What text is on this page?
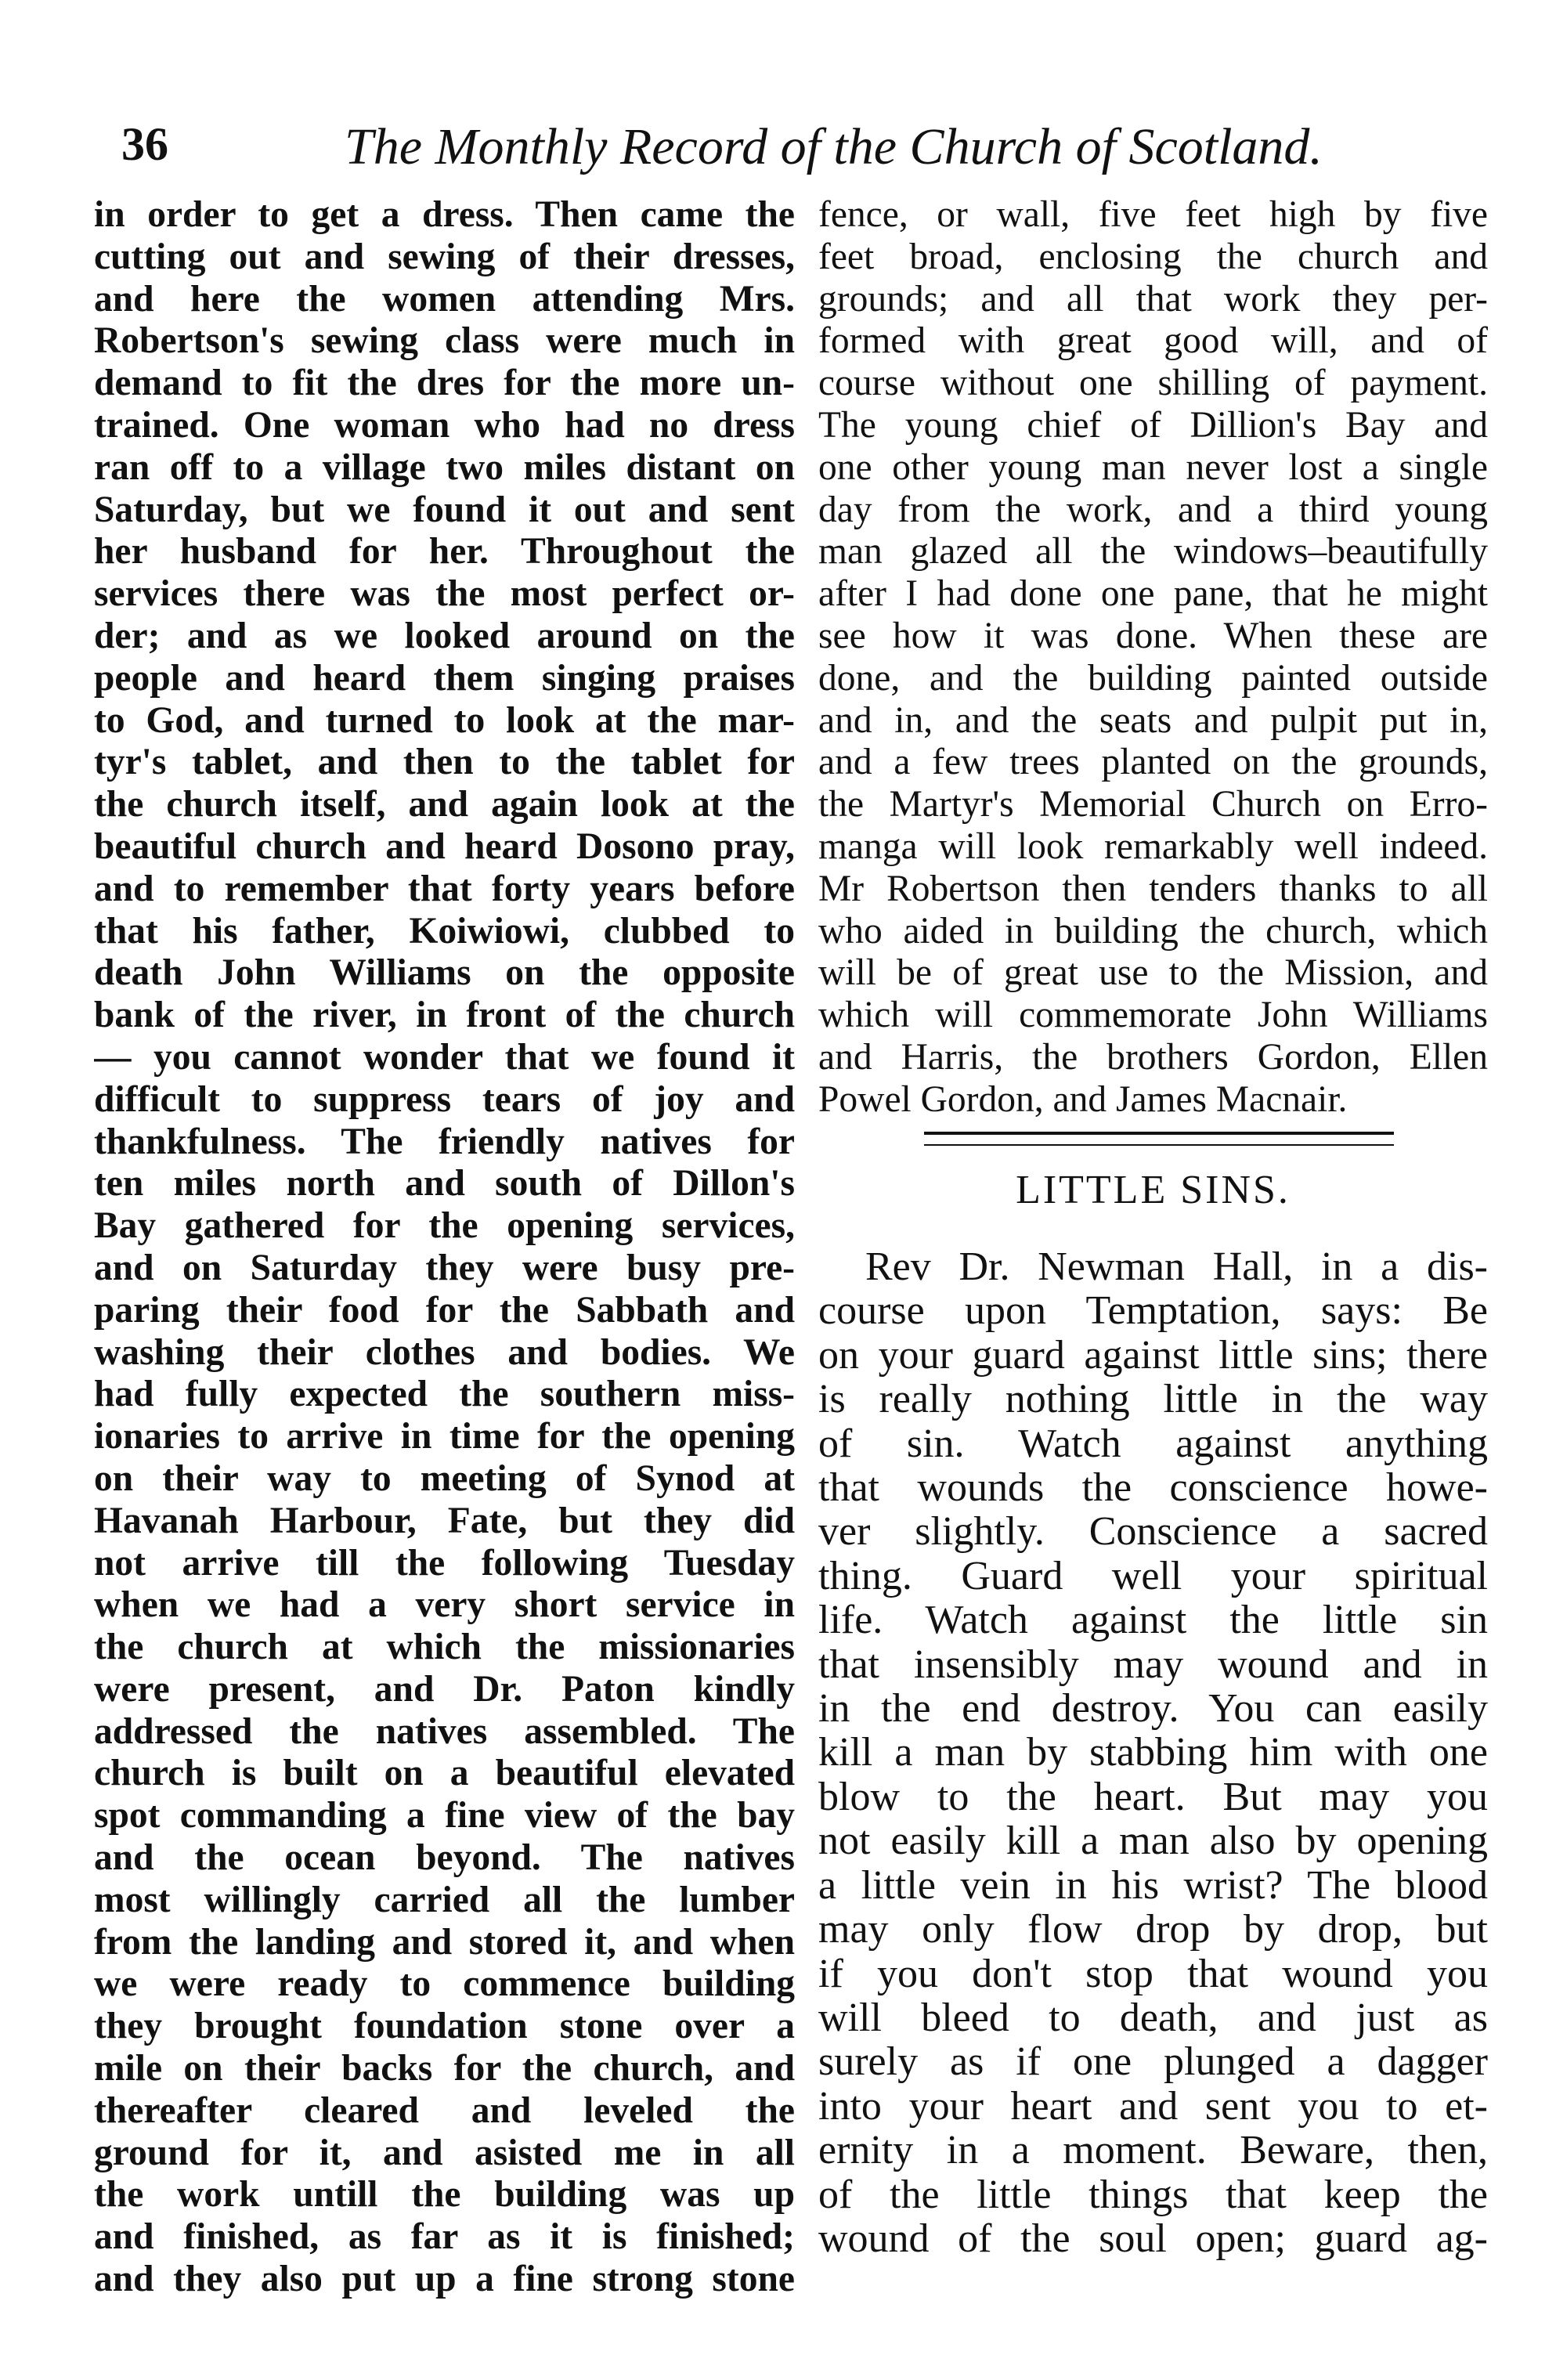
36	The Monthly Record of the Church of Scotland.
in order to get a dress. Then came the
cutting out and sewing of their dresses,
and here the women attending Mrs.
Robertson's sewing class were much in
demand to fit the dres for the more un-
trained. One woman who had no dress
ran off to a village two miles distant on
Saturday, but we found it out and sent
her husband for her. Throughout the
services there was the most perfect or-
der; and as we looked around on the
people and heard them singing praises
to God, and turned to look at the mar-
tyr's tablet, and then to the tablet for
the church itself, and again look at the
beautiful church and heard Dosono pray,
and to remember that forty years before
that his father, Koiwiowi, clubbed to
death John Williams on the opposite
bank of the river, in front of the church
— you cannot wonder that we found it
difficult to suppress tears of joy and
thankfulness. The friendly natives for
ten miles north and south of Dillon's
Bay gathered for the opening services,
and on Saturday they were busy pre-
paring their food for the Sabbath and
washing their clothes and bodies. We
had fully expected the southern miss-
ionaries to arrive in time for the opening
on their way to meeting of Synod at
Havanah Harbour, Fate, but they did
not arrive till the following Tuesday
when we had a very short service in
the church at which the missionaries
were present, and Dr. Paton kindly
addressed the natives assembled. The
church is built on a beautiful elevated
spot commanding a fine view of the bay
and the ocean beyond. The natives
most willingly carried all the lumber
from the landing and stored it, and when
we were ready to commence building
they brought foundation stone over a
mile on their backs for the church, and
thereafter cleared and leveled the
ground for it, and asisted me in all
the work untill the building was up
and finished, as far as it is finished;
and they also put up a fine strong stone
fence, or wall, five feet high by five
feet broad, enclosing the church and
grounds; and all that work they per-
formed with great good will, and of
course without one shilling of payment.
The young chief of Dillion's Bay and
one other young man never lost a single
day from the work, and a third young
man glazed all the windows–beautifully
after I had done one pane, that he might
see how it was done. When these are
done, and the building painted outside
and in, and the seats and pulpit put in,
and a few trees planted on the grounds,
the Martyr's Memorial Church on Erro-
manga will look remarkably well indeed.
Mr Robertson then tenders thanks to all
who aided in building the church, which
will be of great use to the Mission, and
which will commemorate John Williams
and Harris, the brothers Gordon, Ellen
Powel Gordon, and James Macnair.
LITTLE SINS.
Rev Dr. Newman Hall, in a dis-
course upon Temptation, says: Be
on your guard against little sins; there
is really nothing little in the way
of sin. Watch against anything
that wounds the conscience howe-
ver slightly. Conscience a sacred
thing. Guard well your spiritual
life. Watch against the little sin
that insensibly may wound and in
in the end destroy. You can easily
kill a man by stabbing him with one
blow to the heart. But may you
not easily kill a man also by opening
a little vein in his wrist? The blood
may only flow drop by drop, but
if you don't stop that wound you
will bleed to death, and just as
surely as if one plunged a dagger
into your heart and sent you to et-
ernity in a moment. Beware, then,
of the little things that keep the
wound of the soul open; guard ag-
